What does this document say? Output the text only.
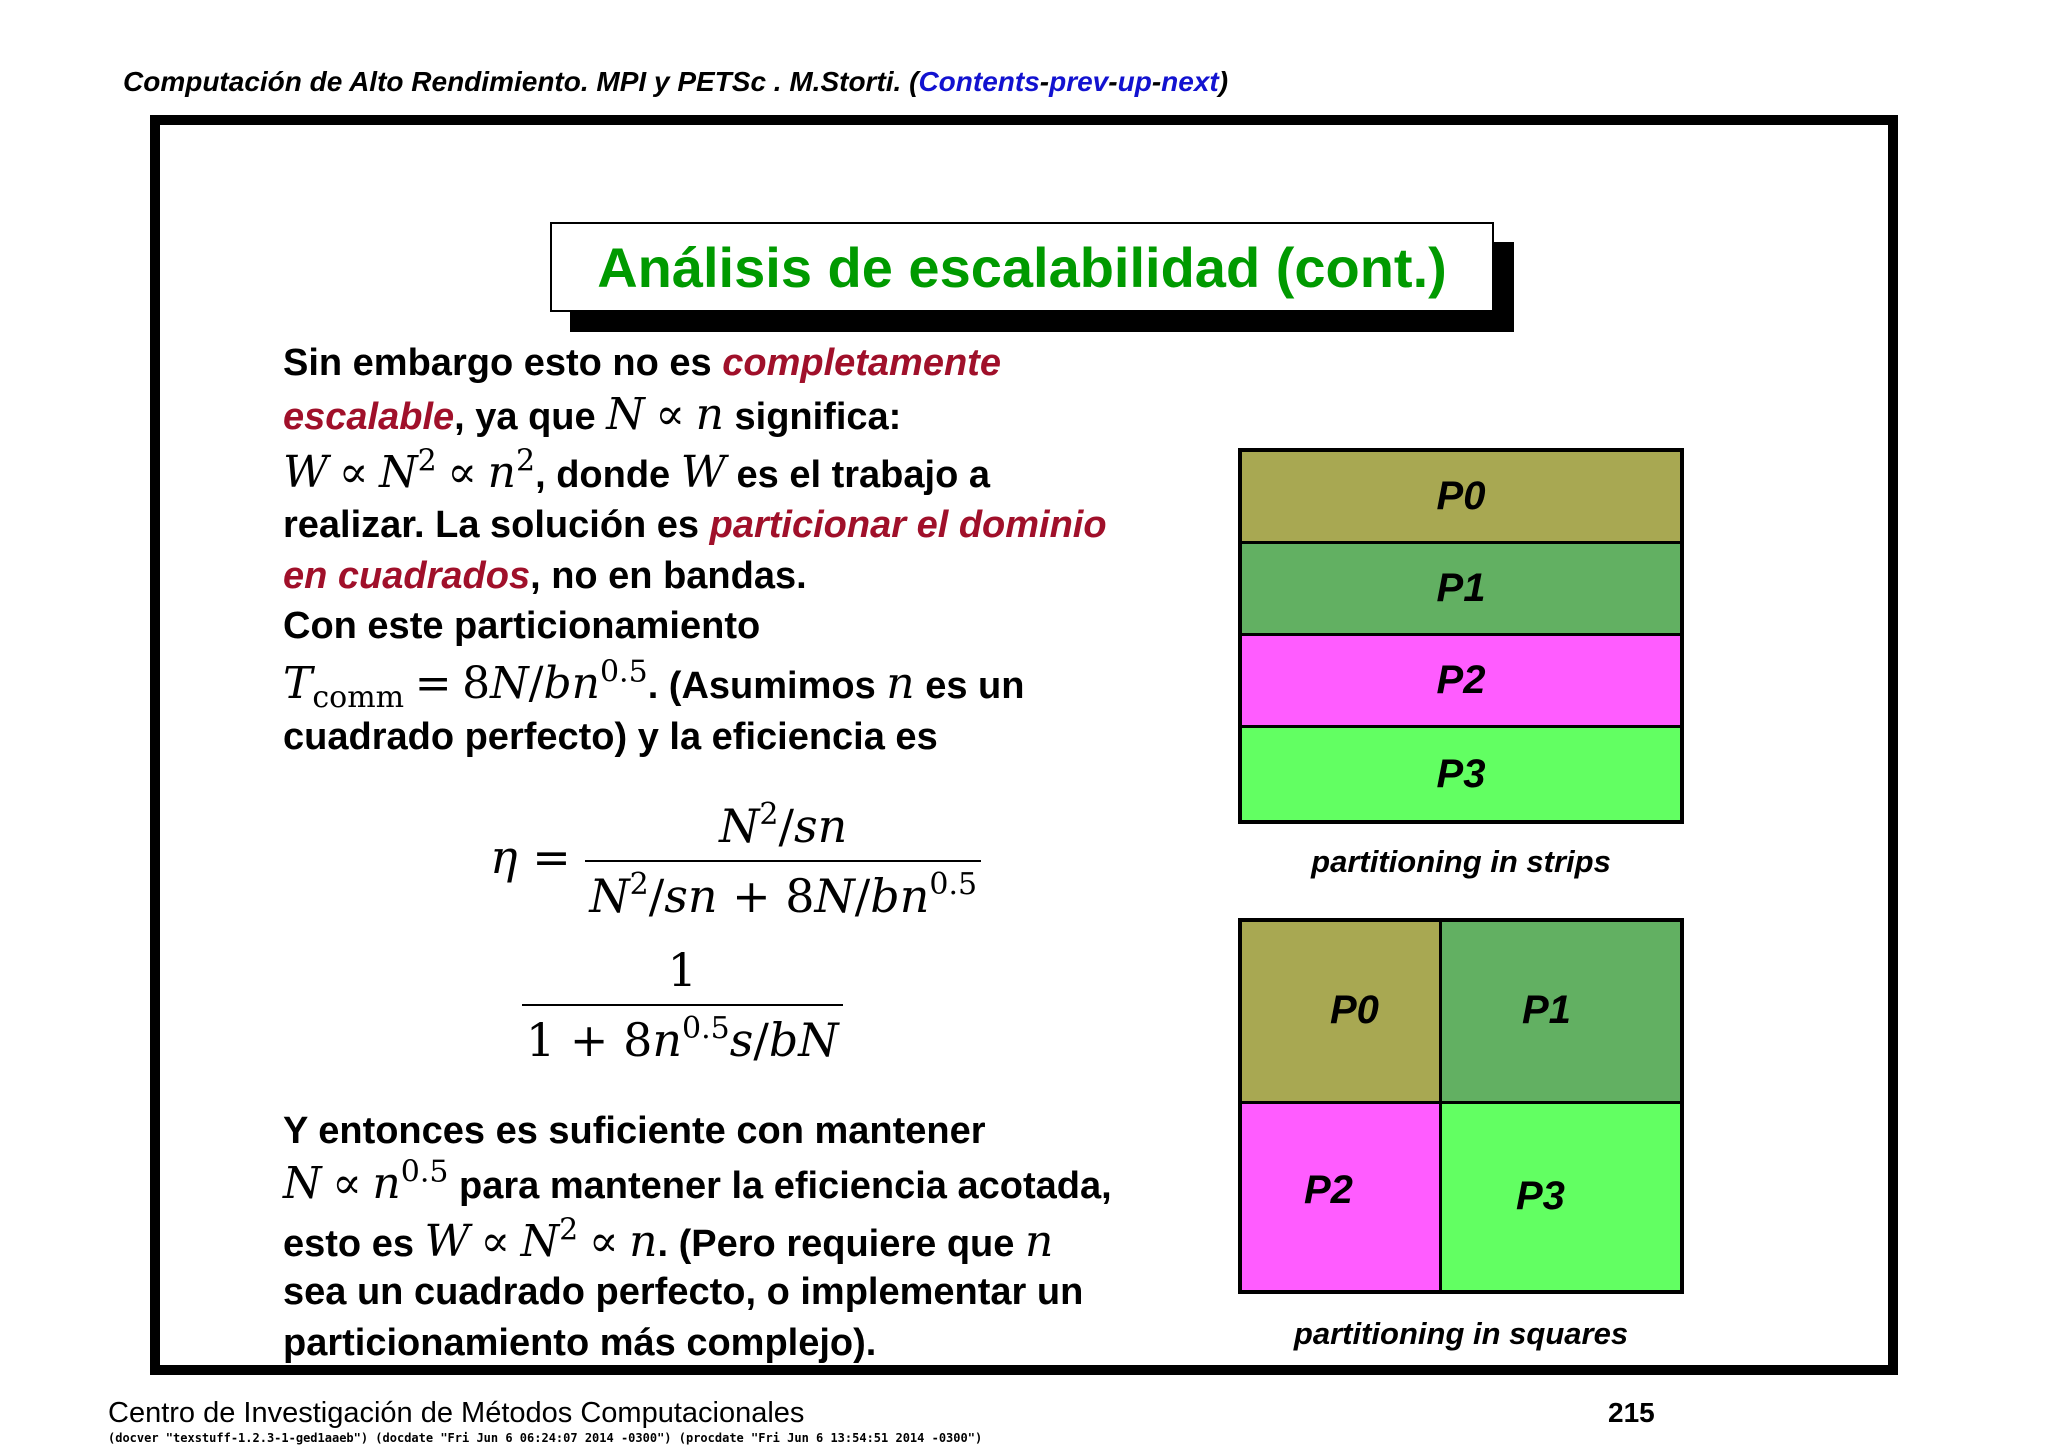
Computación de Alto Rendimiento. MPI y PETSc . M.Storti. (Contents-prev-up-next)
Análisis de escalabilidad (cont.)
Sin embargo esto no es completamente
escalable, ya que N ∝ n significa:
$W \propto N^2 \propto n^2$, donde W es el trabajo a
realizar. La solución es particionar el dominio
en cuadrados, no en bandas.
Con este particionamiento
$T_{comm} = 8N/bn^{0.5}$. (Asumimos n es un
cuadrado perfecto) y la eficiencia es
$\eta = \frac{N^2/sn}{N^2/sn + 8N/bn^{0.5}}$
$\frac{1}{1 + 8n^{0.5}s/bN}$
Y entonces es suficiente con mantener
$N \propto n^{0.5}$ para mantener la eficiencia acotada,
esto es $W \propto N^2 \propto n$. (Pero requiere que n
sea un cuadrado perfecto, o implementar un
particionamiento más complejo).
P0
P1
P2
P3
partitioning in strips
P0	P1
P2	P3
partitioning in squares
Centro de Investigación de Métodos Computacionales	215
(docver "texstuff-1.2.3-1-ged1aaeb") (docdate "Fri Jun 6 06:24:07 2014 -0300") (procdate "Fri Jun 6 13:54:51 2014 -0300")
